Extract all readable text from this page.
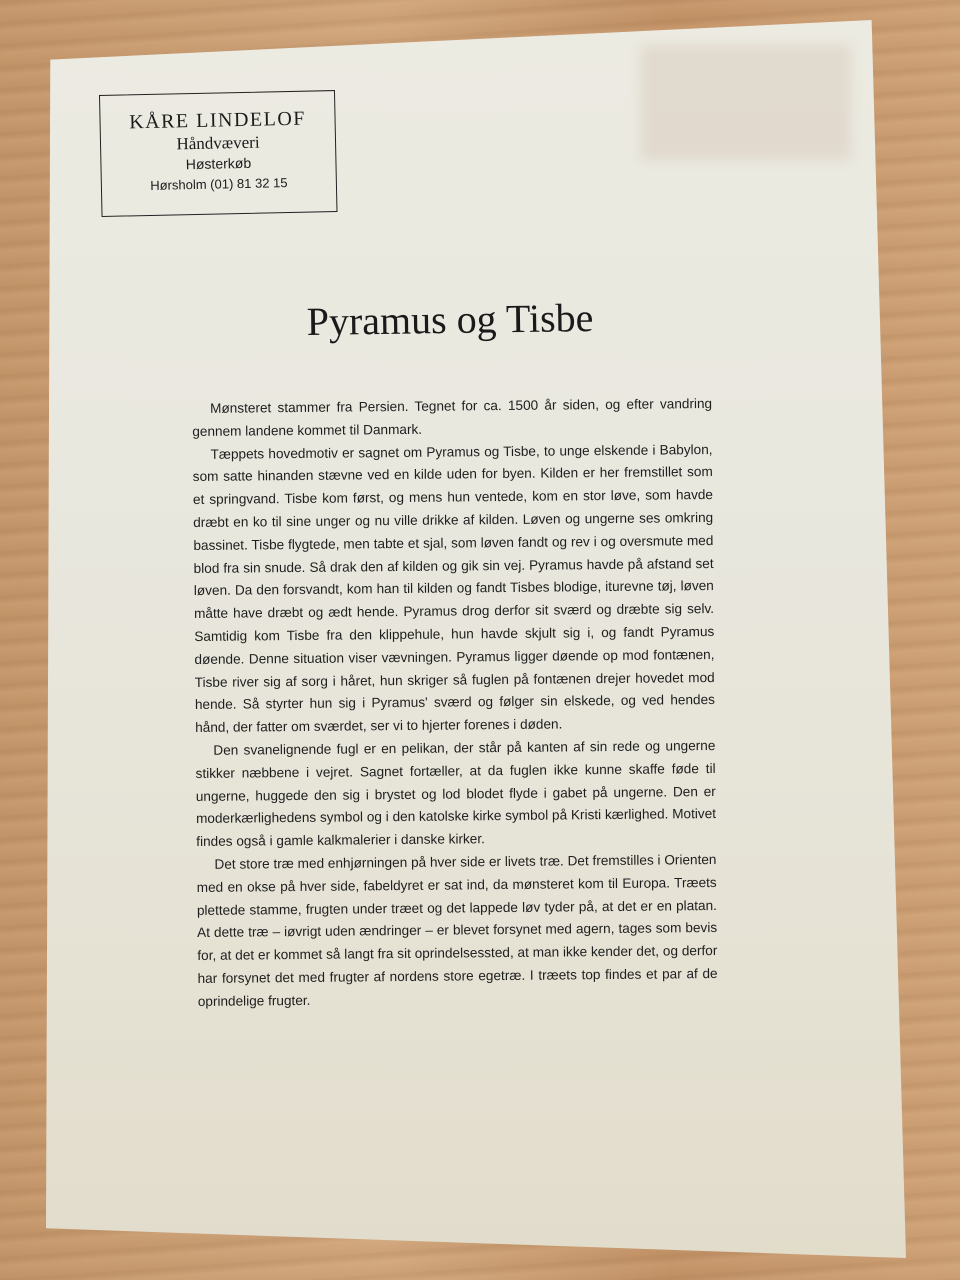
KÅRE LINDELOF
Håndvæveri
Høsterkøb
Hørsholm (01) 81 32 15
Pyramus og Tisbe

Mønsteret stammer fra Persien. Tegnet for ca. 1500 år siden, og efter vandring gennem landene kommet til Danmark.

Tæppets hovedmotiv er sagnet om Pyramus og Tisbe, to unge elskende i Babylon, som satte hinanden stævne ved en kilde uden for byen. Kilden er her fremstillet som et springvand. Tisbe kom først, og mens hun ventede, kom en stor løve, som havde dræbt en ko til sine unger og nu ville drikke af kilden. Løven og ungerne ses omkring bassinet. Tisbe flygtede, men tabte et sjal, som løven fandt og rev i og oversmute med blod fra sin snude. Så drak den af kilden og gik sin vej. Pyramus havde på afstand set løven. Da den forsvandt, kom han til kilden og fandt Tisbes blodige, iturevne tøj, løven måtte have dræbt og ædt hende. Pyramus drog derfor sit sværd og dræbte sig selv. Samtidig kom Tisbe fra den klippehule, hun havde skjult sig i, og fandt Pyramus døende. Denne situation viser vævningen. Pyramus ligger døende op mod fontænen, Tisbe river sig af sorg i håret, hun skriger så fuglen på fontænen drejer hovedet mod hende. Så styrter hun sig i Pyramus' sværd og følger sin elskede, og ved hendes hånd, der fatter om sværdet, ser vi to hjerter forenes i døden.

Den svanelignende fugl er en pelikan, der står på kanten af sin rede og ungerne stikker næbbene i vejret. Sagnet fortæller, at da fuglen ikke kunne skaffe føde til ungerne, huggede den sig i brystet og lod blodet flyde i gabet på ungerne. Den er moderkærlighedens symbol og i den katolske kirke symbol på Kristi kærlighed. Motivet findes også i gamle kalkmalerier i danske kirker.

Det store træ med enhjørningen på hver side er livets træ. Det fremstilles i Orienten med en okse på hver side, fabeldyret er sat ind, da mønsteret kom til Europa. Træets plettede stamme, frugten under træet og det lappede løv tyder på, at det er en platan. At dette træ – iøvrigt uden ændringer – er blevet forsynet med agern, tages som bevis for, at det er kommet så langt fra sit oprindelsessted, at man ikke kender det, og derfor har forsynet det med frugter af nordens store egetræ. I træets top findes et par af de oprindelige frugter.
